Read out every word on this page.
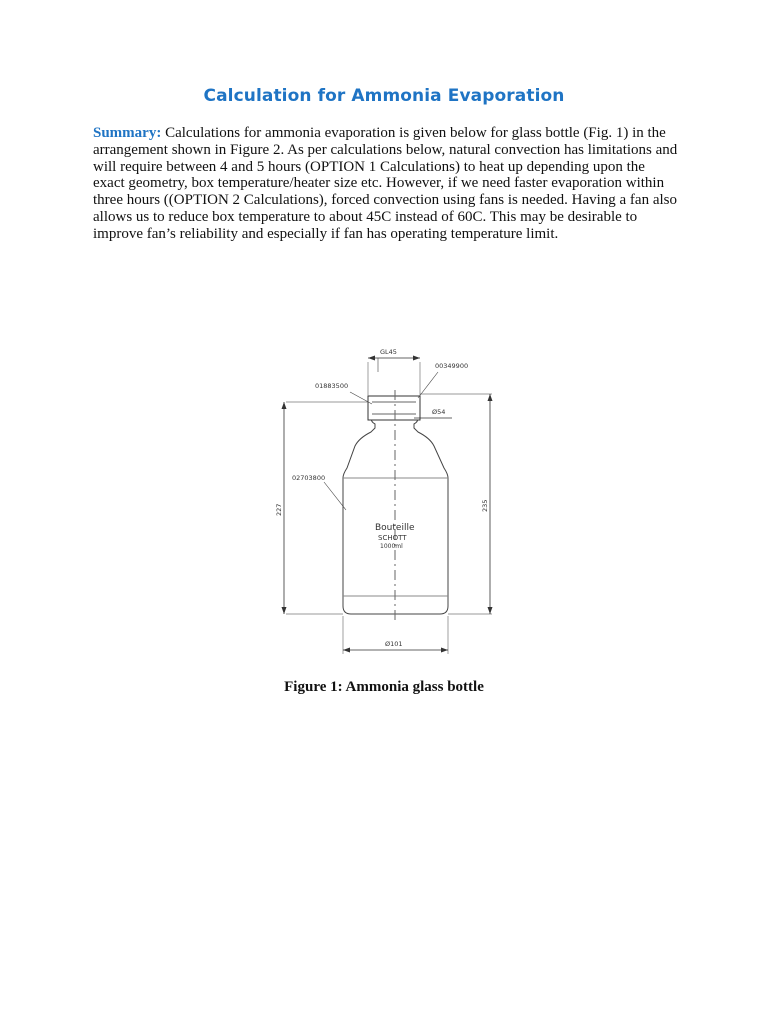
Calculation for Ammonia Evaporation
Summary: Calculations for ammonia evaporation is given below for glass bottle (Fig. 1) in the arrangement shown in Figure 2. As per calculations below, natural convection has limitations and will require between 4 and 5 hours (OPTION 1 Calculations) to heat up depending upon the exact geometry, box temperature/heater size etc. However, if we need faster evaporation within three hours ((OPTION 2 Calculations), forced convection using fans is needed. Having a fan also allows us to reduce box temperature to about 45C instead of 60C. This may be desirable to improve fan’s reliability and especially if fan has operating temperature limit.
GL45
00349900
01883500
02703800
Ø54
227	235
Ø101
Bouteille
SCHOTT
1000ml
Figure 1: Ammonia glass bottle
